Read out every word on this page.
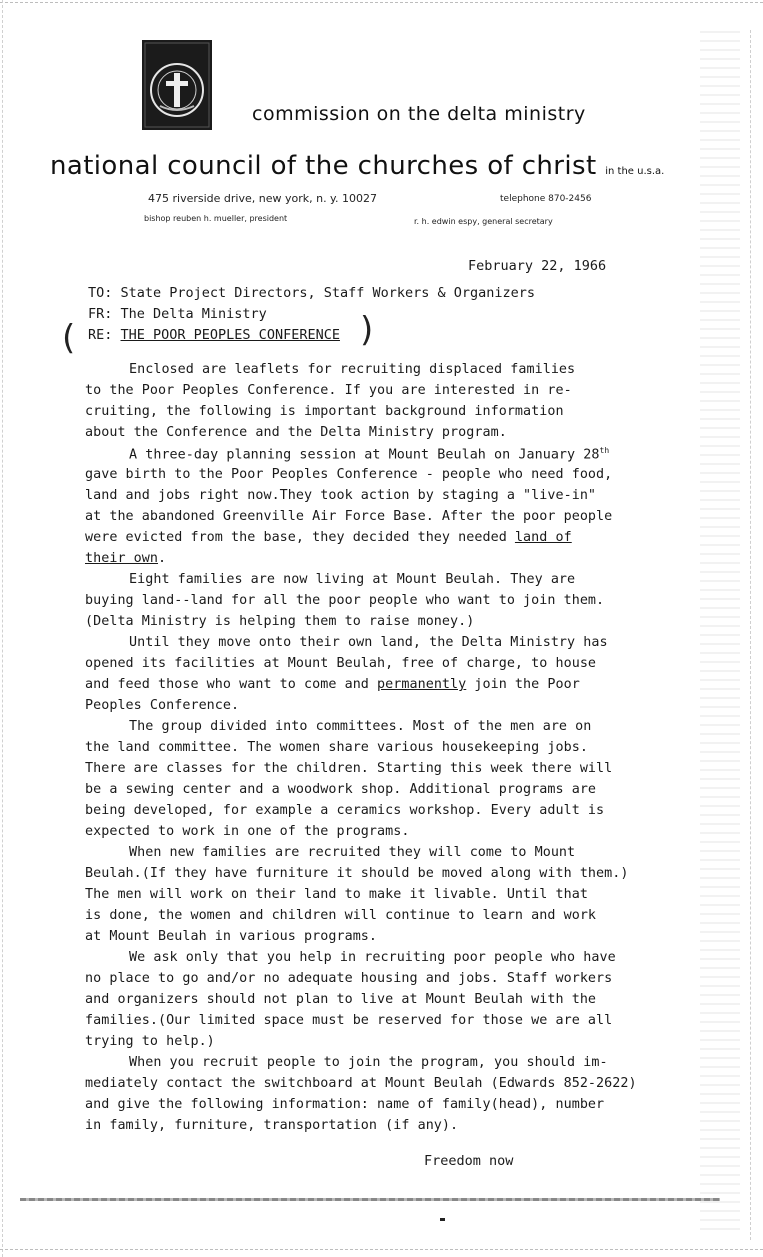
commission on the delta ministry
national council of the churches of christ in the u.s.a.
475 riverside drive, new york, n. y. 10027	telephone 870-2456
bishop reuben h. mueller, president	r. h. edwin espy, general secretary
February 22, 1966
TO: State Project Directors, Staff Workers & Organizers
FR: The Delta Ministry
RE: THE POOR PEOPLES CONFERENCE
(	)
Enclosed are leaflets for recruiting displaced families
to the Poor Peoples Conference. If you are interested in re-
cruiting, the following is important background information
about the Conference and the Delta Ministry program.
A three-day planning session at Mount Beulah on January 28th
gave birth to the Poor Peoples Conference - people who need food,
land and jobs right now.They took action by staging a "live-in"
at the abandoned Greenville Air Force Base. After the poor people
were evicted from the base, they decided they needed land of
their own.
Eight families are now living at Mount Beulah. They are
buying land--land for all the poor people who want to join them.
(Delta Ministry is helping them to raise money.)
Until they move onto their own land, the Delta Ministry has
opened its facilities at Mount Beulah, free of charge, to house
and feed those who want to come and permanently join the Poor
Peoples Conference.
The group divided into committees. Most of the men are on
the land committee. The women share various housekeeping jobs.
There are classes for the children. Starting this week there will
be a sewing center and a woodwork shop. Additional programs are
being developed, for example a ceramics workshop. Every adult is
expected to work in one of the programs.
When new families are recruited they will come to Mount
Beulah.(If they have furniture it should be moved along with them.)
The men will work on their land to make it livable. Until that
is done, the women and children will continue to learn and work
at Mount Beulah in various programs.
We ask only that you help in recruiting poor people who have
no place to go and/or no adequate housing and jobs. Staff workers
and organizers should not plan to live at Mount Beulah with the
families.(Our limited space must be reserved for those we are all
trying to help.)
When you recruit people to join the program, you should im-
mediately contact the switchboard at Mount Beulah (Edwards 852-2622)
and give the following information: name of family(head), number
in family, furniture, transportation (if any).
Freedom now
